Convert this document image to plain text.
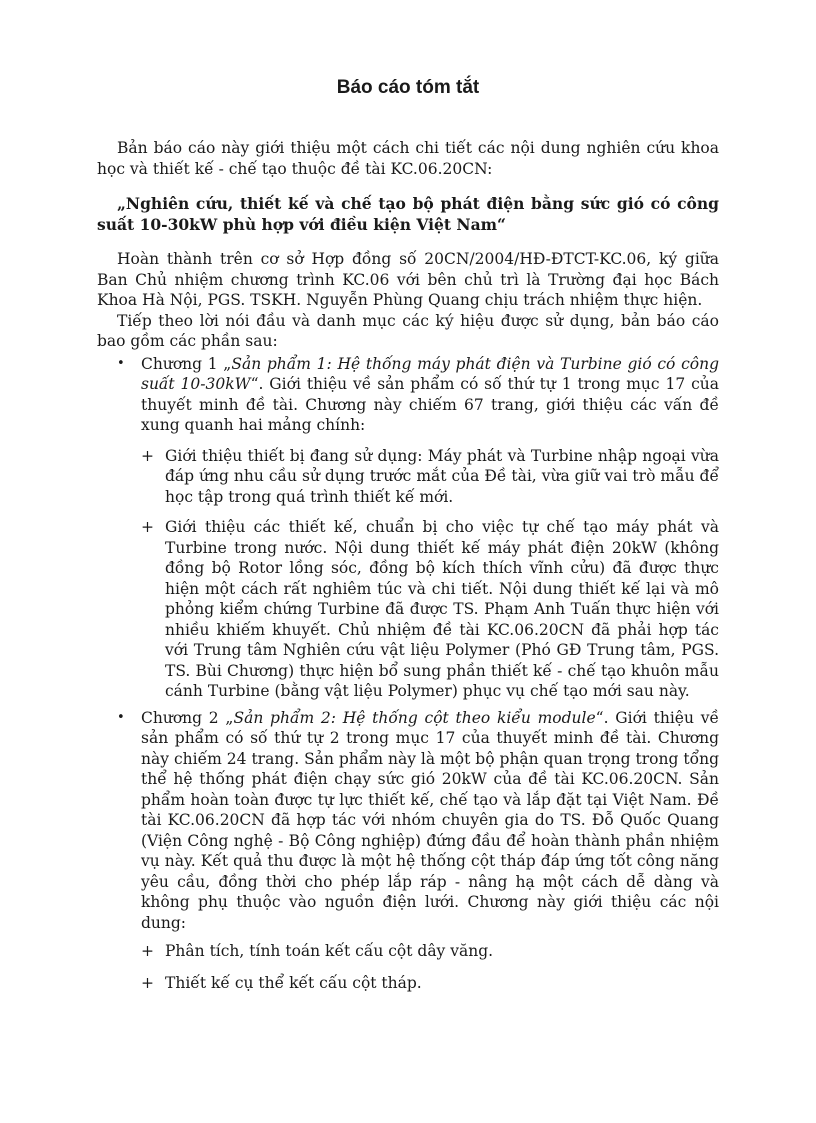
Báo cáo tóm tắt

Bản báo cáo này giới thiệu một cách chi tiết các nội dung nghiên cứu khoa học và thiết kế - chế tạo thuộc đề tài KC.06.20CN:

„Nghiên cứu, thiết kế và chế tạo bộ phát điện bằng sức gió có công suất 10-30kW phù hợp với điều kiện Việt Nam“

Hoàn thành trên cơ sở Hợp đồng số 20CN/2004/HĐ-ĐTCT-KC.06, ký giữa Ban Chủ nhiệm chương trình KC.06 với bên chủ trì là Trường đại học Bách Khoa Hà Nội, PGS. TSKH. Nguyễn Phùng Quang chịu trách nhiệm thực hiện.

Tiếp theo lời nói đầu và danh mục các ký hiệu được sử dụng, bản báo cáo bao gồm các phần sau:

• Chương 1 „Sản phẩm 1: Hệ thống máy phát điện và Turbine gió có công suất 10-30kW“. Giới thiệu về sản phẩm có số thứ tự 1 trong mục 17 của thuyết minh đề tài. Chương này chiếm 67 trang, giới thiệu các vấn đề xung quanh hai mảng chính:
+ Giới thiệu thiết bị đang sử dụng: Máy phát và Turbine nhập ngoại vừa đáp ứng nhu cầu sử dụng trước mắt của Đề tài, vừa giữ vai trò mẫu để học tập trong quá trình thiết kế mới.
+ Giới thiệu các thiết kế, chuẩn bị cho việc tự chế tạo máy phát và Turbine trong nước. Nội dung thiết kế máy phát điện 20kW (không đồng bộ Rotor lồng sóc, đồng bộ kích thích vĩnh cửu) đã được thực hiện một cách rất nghiêm túc và chi tiết. Nội dung thiết kế lại và mô phỏng kiểm chứng Turbine đã được TS. Phạm Anh Tuấn thực hiện với nhiều khiếm khuyết. Chủ nhiệm đề tài KC.06.20CN đã phải hợp tác với Trung tâm Nghiên cứu vật liệu Polymer (Phó GĐ Trung tâm, PGS. TS. Bùi Chương) thực hiện bổ sung phần thiết kế - chế tạo khuôn mẫu cánh Turbine (bằng vật liệu Polymer) phục vụ chế tạo mới sau này.
• Chương 2 „Sản phẩm 2: Hệ thống cột theo kiểu module“. Giới thiệu về sản phẩm có số thứ tự 2 trong mục 17 của thuyết minh đề tài. Chương này chiếm 24 trang. Sản phẩm này là một bộ phận quan trọng trong tổng thể hệ thống phát điện chạy sức gió 20kW của đề tài KC.06.20CN. Sản phẩm hoàn toàn được tự lực thiết kế, chế tạo và lắp đặt tại Việt Nam. Đề tài KC.06.20CN đã hợp tác với nhóm chuyên gia do TS. Đỗ Quốc Quang (Viện Công nghệ - Bộ Công nghiệp) đứng đầu để hoàn thành phần nhiệm vụ này. Kết quả thu được là một hệ thống cột tháp đáp ứng tốt công năng yêu cầu, đồng thời cho phép lắp ráp - nâng hạ một cách dễ dàng và không phụ thuộc vào nguồn điện lưới. Chương này giới thiệu các nội dung:
+ Phân tích, tính toán kết cấu cột dây văng.
+ Thiết kế cụ thể kết cấu cột tháp.
